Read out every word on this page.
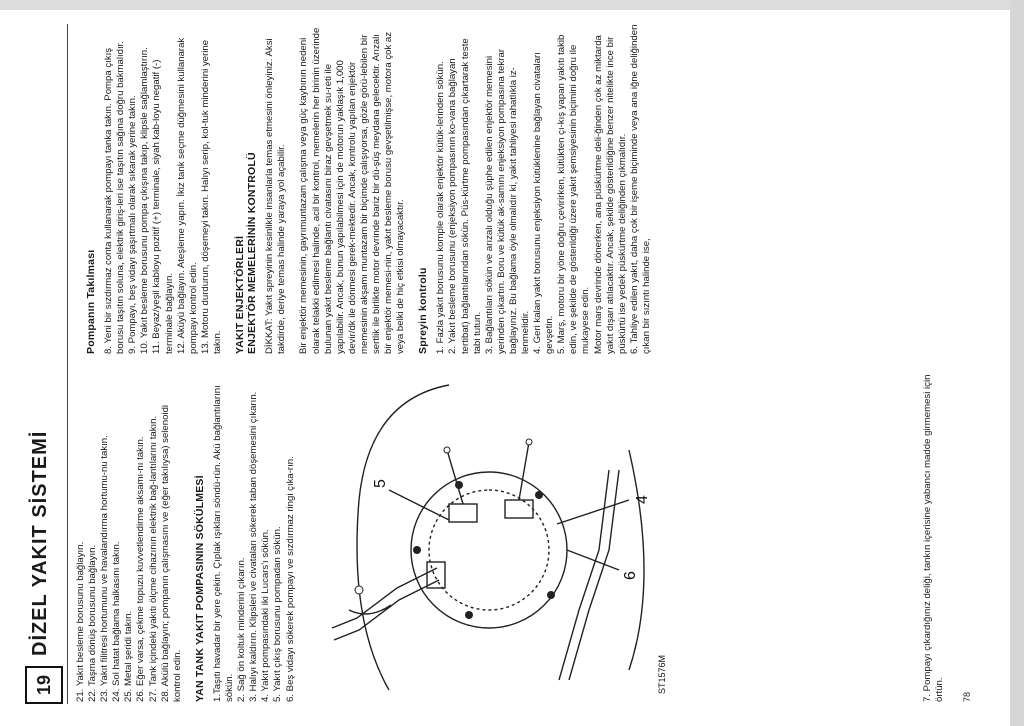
19
DİZEL YAKIT SİSTEMİ	21. Yakıt besleme borusunu bağlayın. 22. Taşma dönüş borusunu bağlayın. 23. Yakıt filitresi hortumunu ve havalandırma hortumu-nu takın. 24. Sol hatat bağlama halkasını takın. 25. Metal şeridi takın. 26. Eğer varsa, çekme topuzu kuvvetlendirme aksamı-nı takın. 27. Tank içindeki yakıtı ölçme cihazının elektrik bağ-lantılarını takın. 28. Akülü bağlayın; pompanın çalışmasını ve (eğer takılıysa) selenoidi kontrol edin. YAN TANK YAKIT POMPASININ SÖKÜLMESİ 1.Taşıtı havadar bir yere çekin. Çıplak ışıkları söndü-rün. Akü bağlantılarını sökün. 2. Sağ ön koltuk minderini çıkarın. 3. Halıyı kaldırın. Klipsleri ve civataları sökerek taban döşemesini çıkarın. 4. Yakıt pompasındaki iki Lucars'ı sökün. 5. Yakıt çıkış borusunu pompadan sökün. 6. Beş vidayı sökerek pompayı ve sızdırmaz ringi çıka-rın.	5
6
4
ST1576M	7. Pompayı çıkardığınız deliği, tankın içerisine yabancı madde girmemesi için örtün. 78
Pompanın Takılması 8. Yeni bir sızdırmaz conta kullanarak pompayı tanka takın. Pompa çıkış borusu taşıtın soluna, elektrik giriş-leri ise taşıtın sağına doğru bakmalıdır. 9. Pompayı, beş vidayı şaşırtmalı olarak sıkarak yerine takın. 10. Yakıt besleme borusunu pompa çıkışına takıp, klipsle sağlamlaştırın. 11. Beyaz/yeşil kabloyu pozitif (+) terminale, siyah kab-loyu negatif (-) terminale bağlayın. 12. Aküyü bağlayın. Ateşleme yapın. İkiz tank seçme düğmesini kullanarak pompayı kontrol edin. 13. Motoru durdurun, döşemeyi takın. Halıyı serip, kol-tuk minderini yerine takın. YAKIT ENJEKTÖRLERİ ENJEKTÖR MEMELERİNİN KONTROLÜ DİKKAT: Yakıt spreyinin kesinlikle insanlarla temas etmesini önleyiniz. Aksi takdirde, deriye temas halinde yaraya yol açabilir. Bir enjektör memesinin, gayrımuntazam çalışma veya güç kaybının nedeni olarak telakki edilmesi halinde, acil bir kontrol, memelerin her birinin üzerinde bulunan yakıt besleme bağlantı civatasını biraz gevşetmek su-reti ile yapılabilir. Ancak, bunun yapılabilmesi için de motorun yaklaşık 1,000 devir/dk ile dönmesi gerek-mektedir. Ancak, kontrolu yapılan enjektör memesinin akşamı muntazam bir biçimde çalışıyorsa, gözle görü-lebilen bir sertlik ile birlikte motor devrinde bariz bir dü-şüş meydana gelecektir. Arızalı bir enjektör memesi-nin, yakıt besleme borusu gevşetilmişse, motora çok az veya belki de hiç etkisi olmayacaktır. Spreyin kontrolu 1. Fazla yakıt borusunu komple olarak enjektör kütük-lerinden sökün. 2. Yakıt besleme borusunu (enjeksiyon pompasının ko-vana bağlayan tertibat) bağlantılarından sökün. Püs-kürtme pompasından çıkartarak teste tabi tutun. 3. Bağlantıları sökün ve arızalı olduğu şüphe edilen enjektör memesini yerinden çıkartın. Boru ve kütük ak-samını enjeksiyon pompasına tekrar bağlayınız. Bu bağlama öyle olmalıdır ki, yakıt tahliyesi rahatlıkla iz-lenmelidir. 4. Geri kalan yakıt borusunu enjeksiyon kütüklenine bağlayan civataları gevşetin. 5. Marş, motoru bir yöne doğru çevirirken, kütükten çı-kış yapan yakıtı takib edin, ve şekilde de gösterildiği üzere yakıt şemsiyesinin biçimini doğru ile mukayese edin. Motor marş devrinde dönerken, ana püskürtme deli-ğinden çok az miktarda yakıt dışarı atılacaktır. Ancak, şekilde gösterildiğine benzer nitelikte ince bir püskürtü ise yedek püskürtme deliğinden çıkmalıdır. 6. Tahliye edilen yakıt, daha çok bir işeme biçiminde veya ana iğne deliğinden çıkan bir sızıntı halinde ise,
